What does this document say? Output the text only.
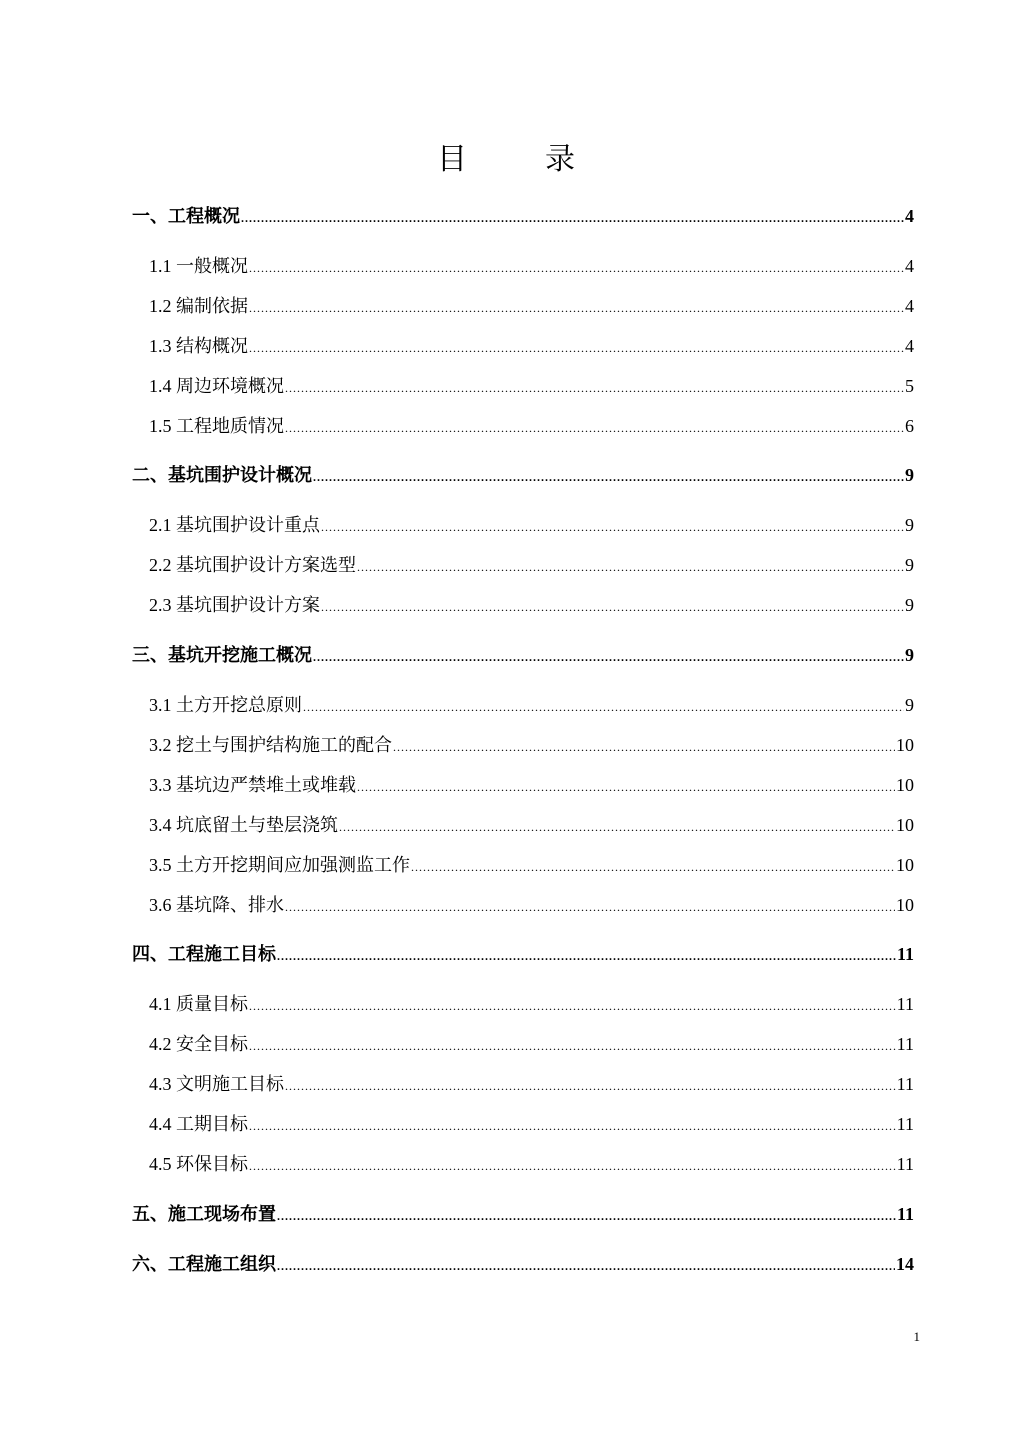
目录
一、工程概况 .....	4
1.1 一般概况 .....	4
1.2 编制依据 .....	4
1.3 结构概况 .....	4
1.4 周边环境概况 .....	5
1.5 工程地质情况 .....	6
二、基坑围护设计概况 .....	9
2.1 基坑围护设计重点 .....	9
2.2 基坑围护设计方案选型 .....	9
2.3 基坑围护设计方案 .....	9
三、基坑开挖施工概况 .....	9
3.1 土方开挖总原则 .....	9
3.2 挖土与围护结构施工的配合 .....	10
3.3 基坑边严禁堆土或堆载 .....	10
3.4 坑底留土与垫层浇筑 .....	10
3.5 土方开挖期间应加强测监工作 .....	10
3.6 基坑降、排水 .....	10
四、工程施工目标 .....	11
4.1 质量目标 .....	11
4.2 安全目标 .....	11
4.3 文明施工目标 .....	11
4.4 工期目标 .....	11
4.5 环保目标 .....	11
五、施工现场布置 .....	11
六、工程施工组织 .....	14
1
